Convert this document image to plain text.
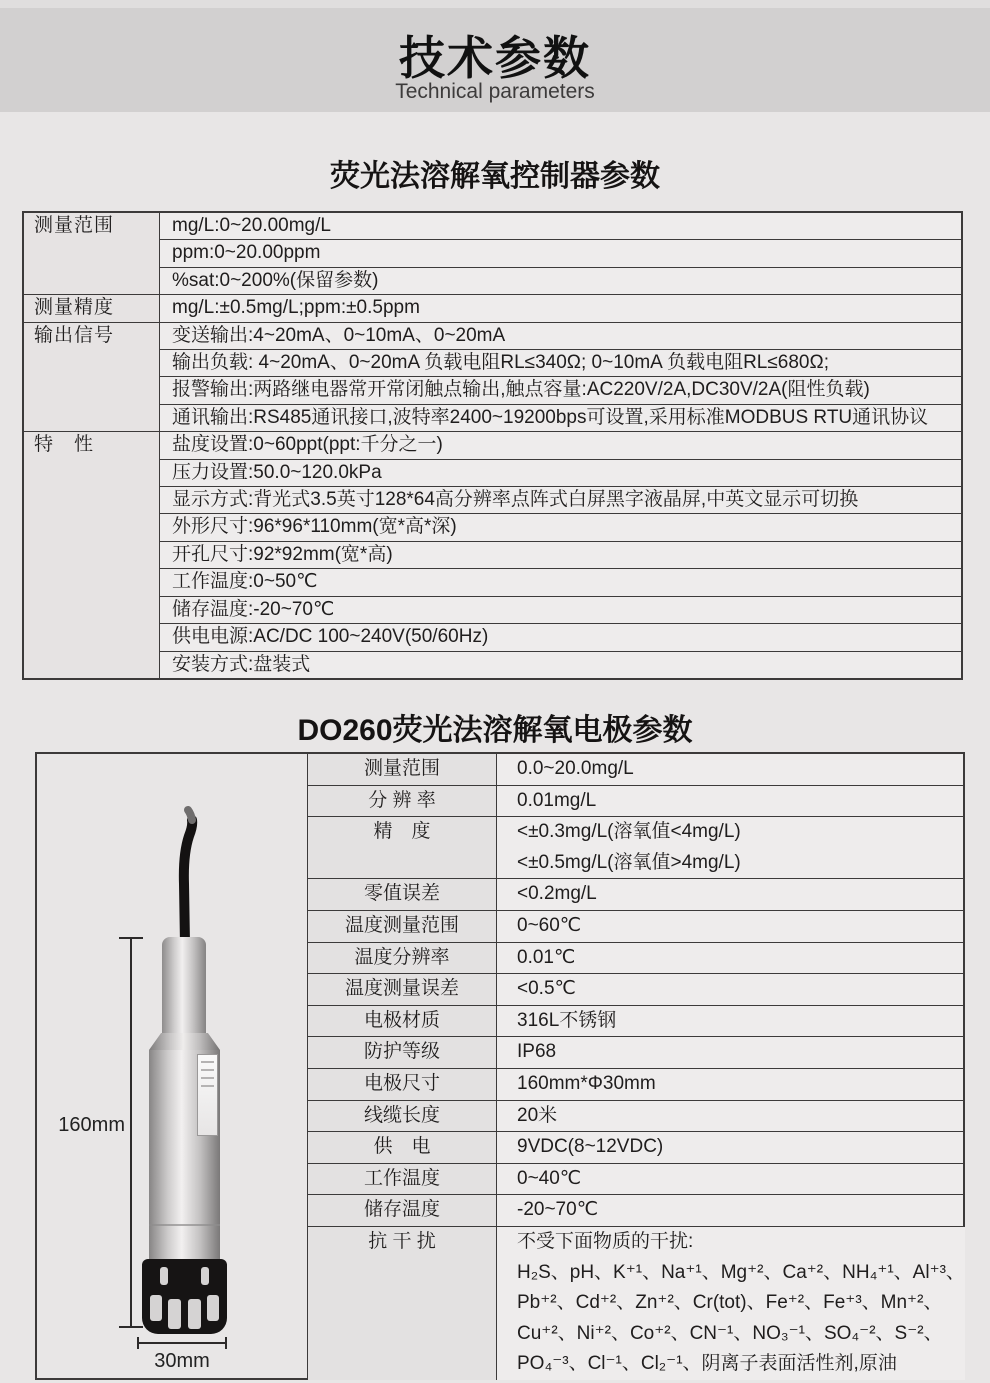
技术参数
Technical parameters
荧光法溶解氧控制器参数
测量范围	mg/L:0~20.00mg/L
	ppm:0~20.00ppm
	%sat:0~200%(保留参数)
测量精度	mg/L:±0.5mg/L;ppm:±0.5ppm
输出信号	变送输出:4~20mA、0~10mA、0~20mA
	输出负载: 4~20mA、0~20mA 负载电阻RL≤340Ω; 0~10mA 负载电阻RL≤680Ω;
	报警输出:两路继电器常开常闭触点输出,触点容量:AC220V/2A,DC30V/2A(阻性负载)
	通讯输出:RS485通讯接口,波特率2400~19200bps可设置,采用标准MODBUS RTU通讯协议
特　性	盐度设置:0~60ppt(ppt:千分之一)
	压力设置:50.0~120.0kPa
	显示方式:背光式3.5英寸128*64高分辨率点阵式白屏黑字液晶屏,中英文显示可切换
	外形尺寸:96*96*110mm(宽*高*深)
	开孔尺寸:92*92mm(宽*高)
	工作温度:0~50℃
	储存温度:-20~70℃
	供电电源:AC/DC 100~240V(50/60Hz)
	安装方式:盘装式
DO260荧光法溶解氧电极参数
160mm
30mm
测量范围	0.0~20.0mg/L
分 辨 率	0.01mg/L
精　度	<±0.3mg/L(溶氧值<4mg/L)
<±0.5mg/L(溶氧值>4mg/L)
零值误差	<0.2mg/L
温度测量范围	0~60℃
温度分辨率	0.01℃
温度测量误差	<0.5℃
电极材质	316L不锈钢
防护等级	IP68
电极尺寸	160mm*Φ30mm
线缆长度	20米
供　电	9VDC(8~12VDC)
工作温度	0~40℃
储存温度	-20~70℃
抗 干 扰	不受下面物质的干扰:
H₂S、pH、K⁺¹、Na⁺¹、Mg⁺²、Ca⁺²、NH₄⁺¹、Al⁺³、
Pb⁺²、Cd⁺²、Zn⁺²、Cr(tot)、Fe⁺²、Fe⁺³、Mn⁺²、
Cu⁺²、Ni⁺²、Co⁺²、CN⁻¹、NO₃⁻¹、SO₄⁻²、S⁻²、
PO₄⁻³、Cl⁻¹、Cl₂⁻¹、阴离子表面活性剂,原油
